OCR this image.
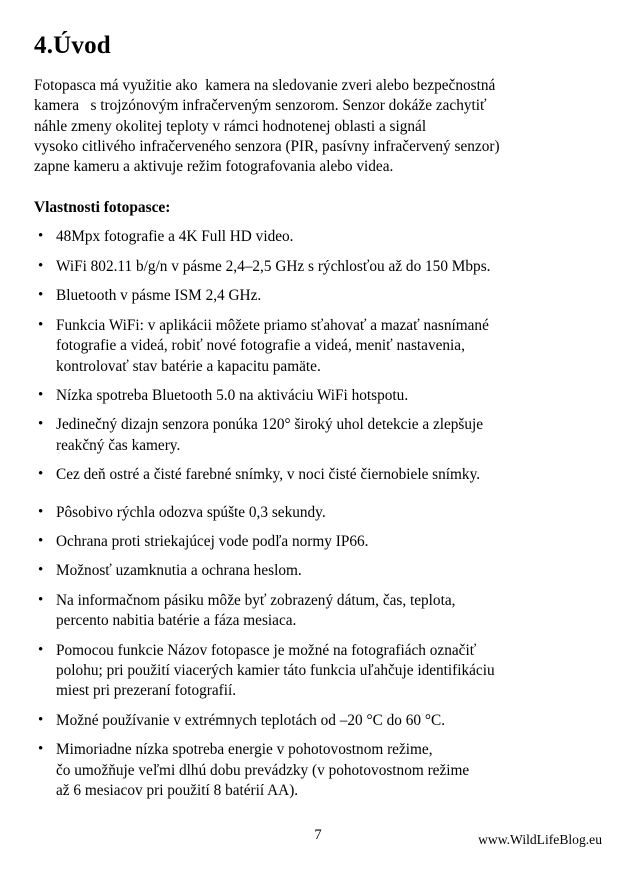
4.Úvod

Fotopasca má využitie ako  kamera na sledovanie zveri alebo bezpečnostná
kamera   s trojzónovým infračerveným senzorom. Senzor dokáže zachytiť
náhle zmeny okolitej teploty v rámci hodnotenej oblasti a signál
vysoko citlivého infračerveného senzora (PIR, pasívny infračervený senzor)
zapne kameru a aktivuje režim fotografovania alebo videa.

Vlastnosti fotopasce:
• 48Mpx fotografie a 4K Full HD video.
• WiFi 802.11 b/g/n v pásme 2,4–2,5 GHz s rýchlosťou až do 150 Mbps.
• Bluetooth v pásme ISM 2,4 GHz.
• Funkcia WiFi: v aplikácii môžete priamo sťahovať a mazať nasnímané
fotografie a videá, robiť nové fotografie a videá, meniť nastavenia,
kontrolovať stav batérie a kapacitu pamäte.
• Nízka spotreba Bluetooth 5.0 na aktiváciu WiFi hotspotu.
• Jedinečný dizajn senzora ponúka 120° široký uhol detekcie a zlepšuje
reakčný čas kamery.
• Cez deň ostré a čisté farebné snímky, v noci čisté čiernobiele snímky.
• Pôsobivo rýchla odozva spúšte 0,3 sekundy.
• Ochrana proti striekajúcej vode podľa normy IP66.
• Možnosť uzamknutia a ochrana heslom.
• Na informačnom pásiku môže byť zobrazený dátum, čas, teplota,
percento nabitia batérie a fáza mesiaca.
• Pomocou funkcie Názov fotopasce je možné na fotografiách označiť
polohu; pri použití viacerých kamier táto funkcia uľahčuje identifikáciu
miest pri prezeraní fotografií.
• Možné používanie v extrémnych teplotách od –20 °C do 60 °C.
• Mimoriadne nízka spotreba energie v pohotovostnom režime,
čo umožňuje veľmi dlhú dobu prevádzky (v pohotovostnom režime
až 6 mesiacov pri použití 8 batérií AA).
7	www.WildLifeBlog.eu
